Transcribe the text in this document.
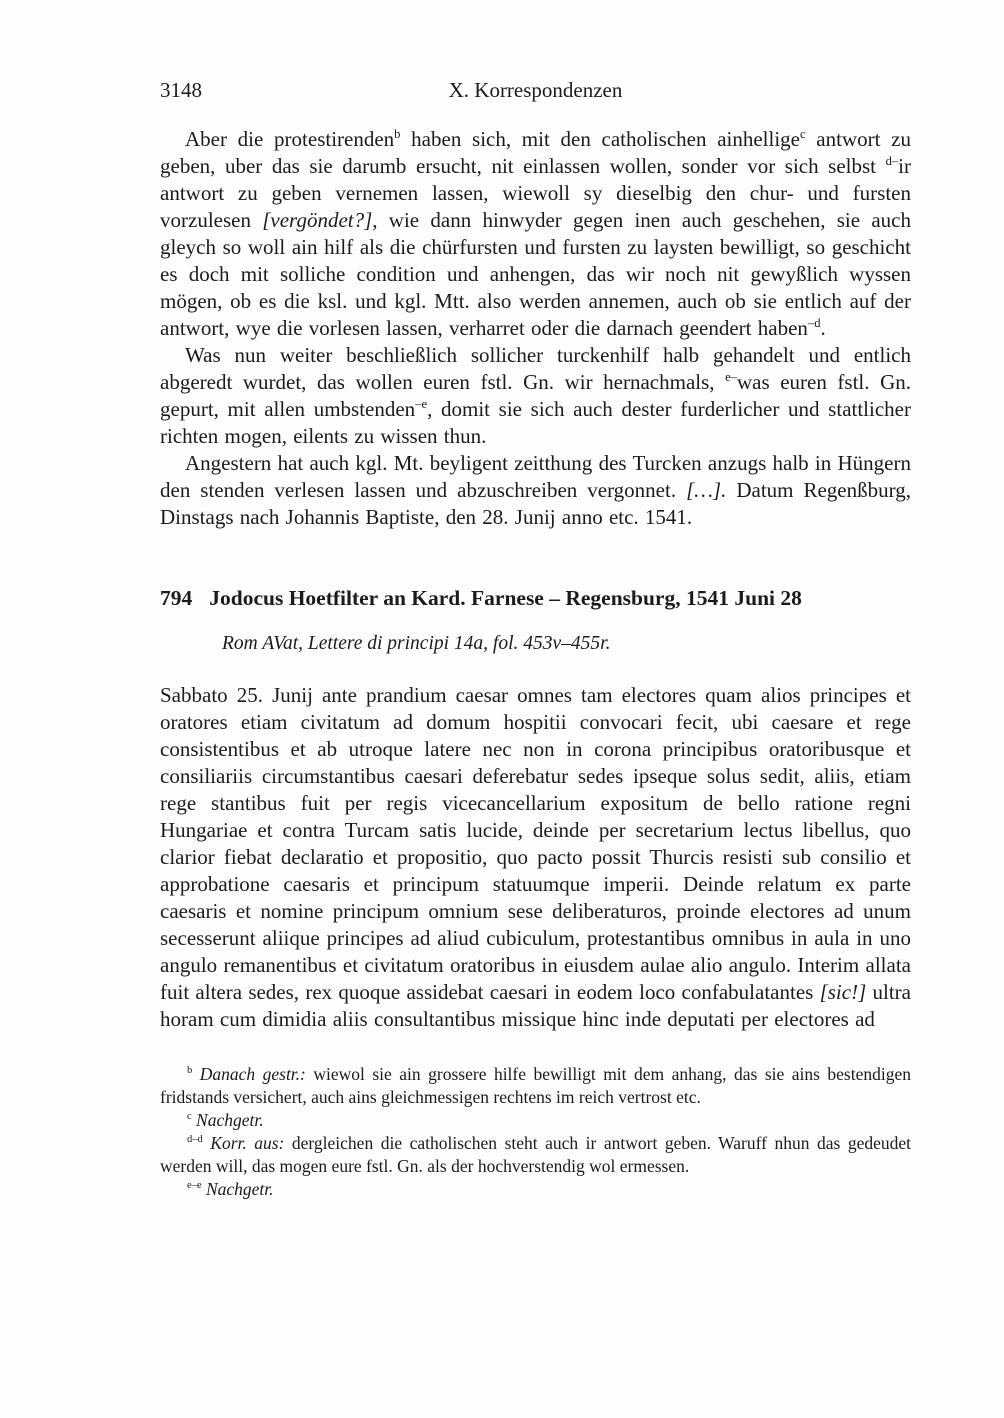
3148	X. Korrespondenzen

Aber die protestirenden$^b$ haben sich, mit den catholischen ainhellige$^c$ antwort zu geben, uber das sie darumb ersucht, nit einlassen wollen, sonder vor sich selbst $^{d-}$ir antwort zu geben vernemen lassen, wiewoll sy dieselbig den chur- und fursten vorzulesen [vergöndet?], wie dann hinwyder gegen inen auch geschehen, sie auch gleych so woll ain hilf als die chürfursten und fursten zu laysten bewilligt, so geschicht es doch mit solliche condition und anhengen, das wir noch nit gewyßlich wyssen mögen, ob es die ksl. und kgl. Mtt. also werden annemen, auch ob sie entlich auf der antwort, wye die vorlesen lassen, verharret oder die darnach geendert haben$^{-d}$.

Was nun weiter beschließlich sollicher turckenhilf halb gehandelt und entlich abgeredt wurdet, das wollen euren fstl. Gn. wir hernachmals, $^{e-}$was euren fstl. Gn. gepurt, mit allen umbstenden$^{-e}$, domit sie sich auch dester furderlicher und stattlicher richten mogen, eilents zu wissen thun.

Angestern hat auch kgl. Mt. beyligent zeitthung des Turcken anzugs halb in Hüngern den stenden verlesen lassen und abzuschreiben vergonnet. […]. Datum Regenßburg, Dinstags nach Johannis Baptiste, den 28. Junij anno etc. 1541.

794 Jodocus Hoetfilter an Kard. Farnese – Regensburg, 1541 Juni 28

Rom AVat, Lettere di principi 14a, fol. 453v–455r.

Sabbato 25. Junij ante prandium caesar omnes tam electores quam alios principes et oratores etiam civitatum ad domum hospitii convocari fecit, ubi caesare et rege consistentibus et ab utroque latere nec non in corona principibus oratoribusque et consiliariis circumstantibus caesari deferebatur sedes ipseque solus sedit, aliis, etiam rege stantibus fuit per regis vicecancellarium expositum de bello ratione regni Hungariae et contra Turcam satis lucide, deinde per secretarium lectus libellus, quo clarior fiebat declaratio et propositio, quo pacto possit Thurcis resisti sub consilio et approbatione caesaris et principum statuumque imperii. Deinde relatum ex parte caesaris et nomine principum omnium sese deliberaturos, proinde electores ad unum secesserunt aliique principes ad aliud cubiculum, protestantibus omnibus in aula in uno angulo remanentibus et civitatum oratoribus in eiusdem aulae alio angulo. Interim allata fuit altera sedes, rex quoque assidebat caesari in eodem loco confabulatantes [sic!] ultra horam cum dimidia aliis consultantibus missique hinc inde deputati per electores ad

$^b$ Danach gestr.: wiewol sie ain grossere hilfe bewilligt mit dem anhang, das sie ains bestendigen fridstands versichert, auch ains gleichmessigen rechtens im reich vertrost etc.

$^c$ Nachgetr.

$^{d-d}$ Korr. aus: dergleichen die catholischen steht auch ir antwort geben. Waruff nhun das gedeudet werden will, das mogen eure fstl. Gn. als der hochverstendig wol ermessen.

$^{e-e}$ Nachgetr.
